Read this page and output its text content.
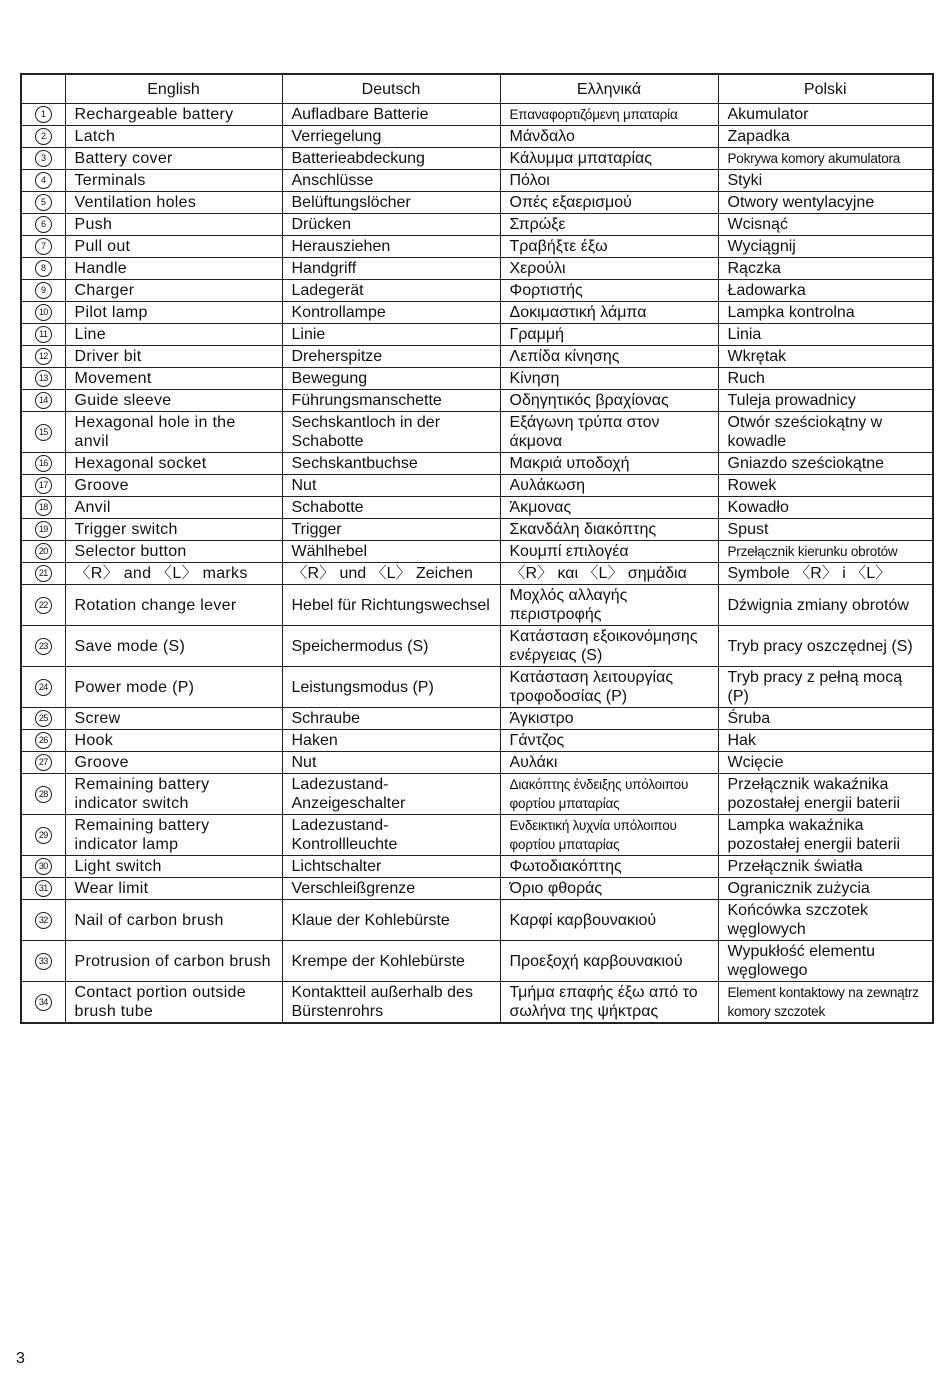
	English	Deutsch	Ελληνικά	Polski
1	Rechargeable battery	Aufladbare Batterie	Επαναφορτιζόμενη μπαταρία	Akumulator
2	Latch	Verriegelung	Μάνδαλο	Zapadka
3	Battery cover	Batterieabdeckung	Κάλυμμα μπαταρίας	Pokrywa komory akumulatora
4	Terminals	Anschlüsse	Πόλοι	Styki
5	Ventilation holes	Belüftungslöcher	Οπές εξαερισμού	Otwory wentylacyjne
6	Push	Drücken	Σπρώξε	Wcisnąć
7	Pull out	Herausziehen	Τραβήξτε έξω	Wyciągnij
8	Handle	Handgriff	Χερούλι	Rączka
9	Charger	Ladegerät	Φορτιστής	Ładowarka
10	Pilot lamp	Kontrollampe	Δοκιμαστική λάμπα	Lampka kontrolna
11	Line	Linie	Γραμμή	Linia
12	Driver bit	Dreherspitze	Λεπίδα κίνησης	Wkrętak
13	Movement	Bewegung	Κίνηση	Ruch
14	Guide sleeve	Führungsmanschette	Οδηγητικός βραχίονας	Tuleja prowadnicy
15	Hexagonal hole in the anvil	Sechskantloch in der Schabotte	Εξάγωνη τρύπα στον άκμονα	Otwór sześciokątny w kowadle
16	Hexagonal socket	Sechskantbuchse	Μακριά υποδοχή	Gniazdo sześciokątne
17	Groove	Nut	Αυλάκωση	Rowek
18	Anvil	Schabotte	Άκμονας	Kowadło
19	Trigger switch	Trigger	Σκανδάλη διακόπτης	Spust
20	Selector button	Wählhebel	Κουμπί επιλογέα	Przełącznik kierunku obrotów
21	〈R〉 and 〈L〉 marks	〈R〉 und 〈L〉 Zeichen	〈R〉 και 〈L〉 σημάδια	Symbole 〈R〉 i 〈L〉
22	Rotation change lever	Hebel für Richtungswechsel	Μοχλός αλλαγής περιστροφής	Dźwignia zmiany obrotów
23	Save mode (S)	Speichermodus (S)	Κατάσταση εξοικονόμησης ενέργειας (S)	Tryb pracy oszczędnej (S)
24	Power mode (P)	Leistungsmodus (P)	Κατάσταση λειτουργίας τροφοδοσίας (P)	Tryb pracy z pełną mocą (P)
25	Screw	Schraube	Άγκιστρο	Śruba
26	Hook	Haken	Γάντζος	Hak
27	Groove	Nut	Αυλάκι	Wcięcie
28	Remaining battery indicator switch	Ladezustand-Anzeigeschalter	Διακόπτης ένδειξης υπόλοιπου φορτίου μπαταρίας	Przełącznik wakaźnika pozostałej energii baterii
29	Remaining battery indicator lamp	Ladezustand-Kontrollleuchte	Ενδεικτική λυχνία υπόλοιπου φορτίου μπαταρίας	Lampka wakaźnika pozostałej energii baterii
30	Light switch	Lichtschalter	Φωτοδιακόπτης	Przełącznik światła
31	Wear limit	Verschleißgrenze	Όριο φθοράς	Ogranicznik zużycia
32	Nail of carbon brush	Klaue der Kohlebürste	Καρφί καρβουνακιού	Końcówka szczotek węglowych
33	Protrusion of carbon brush	Krempe der Kohlebürste	Προεξοχή καρβουνακιού	Wypukłość elementu węglowego
34	Contact portion outside brush tube	Kontaktteil außerhalb des Bürstenrohrs	Τμήμα επαφής έξω από το σωλήνα της ψήκτρας	Element kontaktowy na zewnątrz komory szczotek
3
